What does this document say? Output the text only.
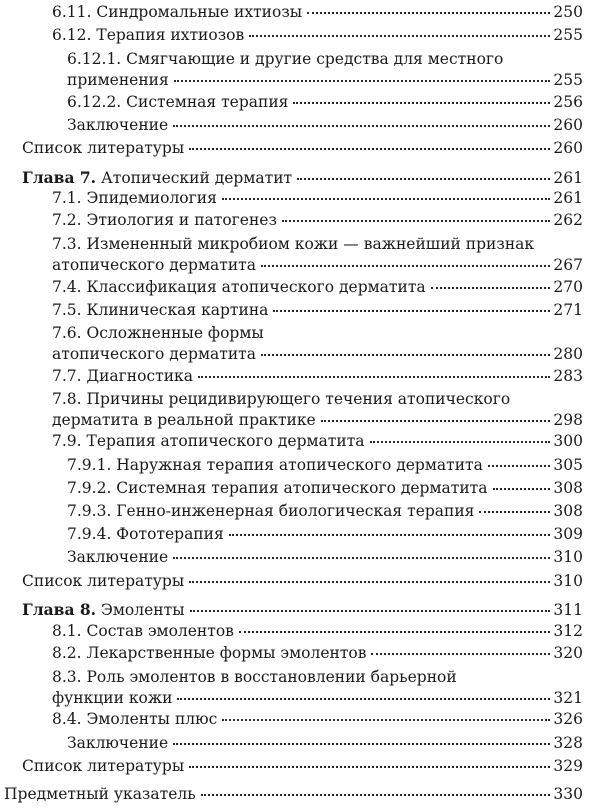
6.11. Синдромальные ихтиозы	250
6.12. Терапия ихтиозов	255
6.12.1. Смягчающие и другие средства для местного
применения	255
6.12.2. Системная терапия	256
Заключение	260
Список литературы	260
Глава 7. Атопический дерматит	261
7.1. Эпидемиология	261
7.2. Этиология и патогенез	262
7.3. Измененный микробиом кожи — важнейший признак
атопического дерматита	267
7.4. Классификация атопического дерматита	270
7.5. Клиническая картина	271
7.6. Осложненные формы
атопического дерматита	280
7.7. Диагностика	283
7.8. Причины рецидивирующего течения атопического
дерматита в реальной практике	298
7.9. Терапия атопического дерматита	300
7.9.1. Наружная терапия атопического дерматита	305
7.9.2. Системная терапия атопического дерматита	308
7.9.3. Генно-инженерная биологическая терапия	308
7.9.4. Фототерапия	309
Заключение	310
Список литературы	310
Глава 8. Эмоленты	311
8.1. Состав эмолентов	312
8.2. Лекарственные формы эмолентов	320
8.3. Роль эмолентов в восстановлении барьерной
функции кожи	321
8.4. Эмоленты плюс	326
Заключение	328
Список литературы	329
Предметный указатель	330
